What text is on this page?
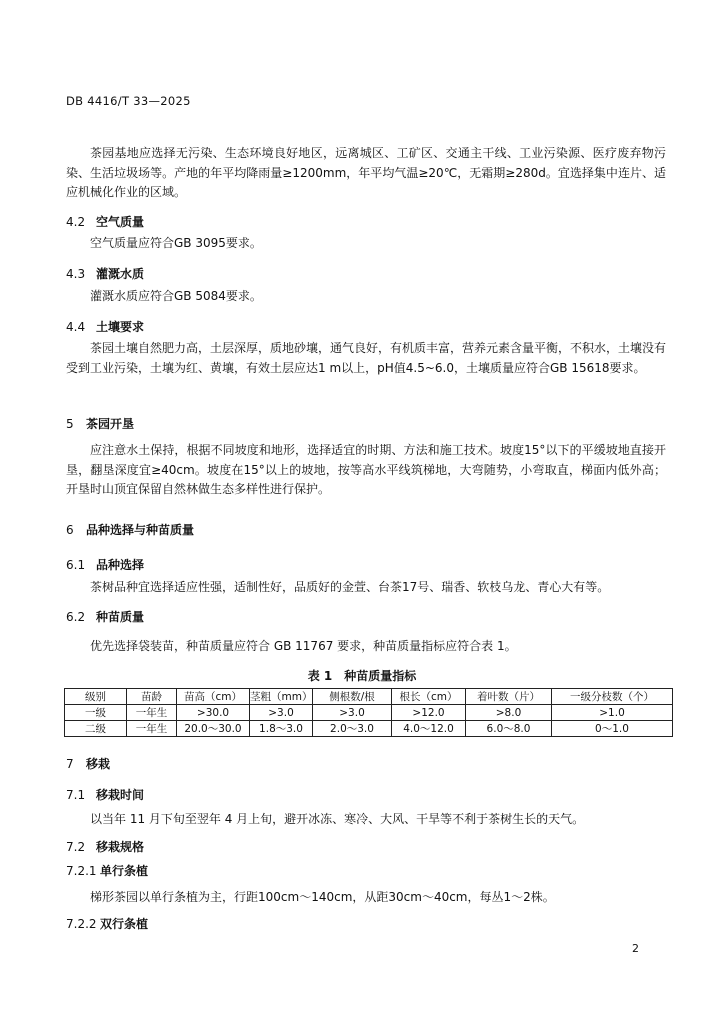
DB 4416/T 33—2025

茶园基地应选择无污染、生态环境良好地区，远离城区、工矿区、交通主干线、工业污染源、医疗废弃物污染、生活垃圾场等。产地的年平均降雨量≥1200mm，年平均气温≥20℃，无霜期≥280d。宜选择集中连片、适应机械化作业的区域。

4.2 空气质量

空气质量应符合GB 3095要求。

4.3 灌溉水质

灌溉水质应符合GB 5084要求。

4.4 土壤要求

茶园土壤自然肥力高，土层深厚，质地砂壤，通气良好，有机质丰富，营养元素含量平衡，不积水，土壤没有受到工业污染，土壤为红、黄壤，有效土层应达1 m以上，pH值4.5~6.0，土壤质量应符合GB 15618要求。

5 茶园开垦

应注意水土保持，根据不同坡度和地形，选择适宜的时期、方法和施工技术。坡度15°以下的平缓坡地直接开垦，翻垦深度宜≥40cm。坡度在15°以上的坡地，按等高水平线筑梯地，大弯随势，小弯取直，梯面内低外高；开垦时山顶宜保留自然林做生态多样性进行保护。

6 品种选择与种苗质量
6.1 品种选择

茶树品种宜选择适应性强，适制性好，品质好的金萱、台茶17号、瑞香、软枝乌龙、青心大有等。

6.2 种苗质量

优先选择袋装苗，种苗质量应符合 GB 11767 要求，种苗质量指标应符合表 1。

表 1　种苗质量指标
级别	苗龄	苗高（cm）	茎粗（mm）	侧根数/根	根长（cm）	着叶数（片）	一级分枝数（个）
一级	一年生	>30.0	>3.0	>3.0	>12.0	>8.0	>1.0
二级	一年生	20.0～30.0	1.8～3.0	2.0～3.0	4.0～12.0	6.0～8.0	0～1.0
7 移栽
7.1 移栽时间

以当年 11 月下旬至翌年 4 月上旬，避开冰冻、寒冷、大风、干旱等不利于茶树生长的天气。

7.2 移栽规格
7.2.1 单行条植

梯形茶园以单行条植为主，行距100cm～140cm，从距30cm～40cm，每丛1～2株。

7.2.2 双行条植
2
